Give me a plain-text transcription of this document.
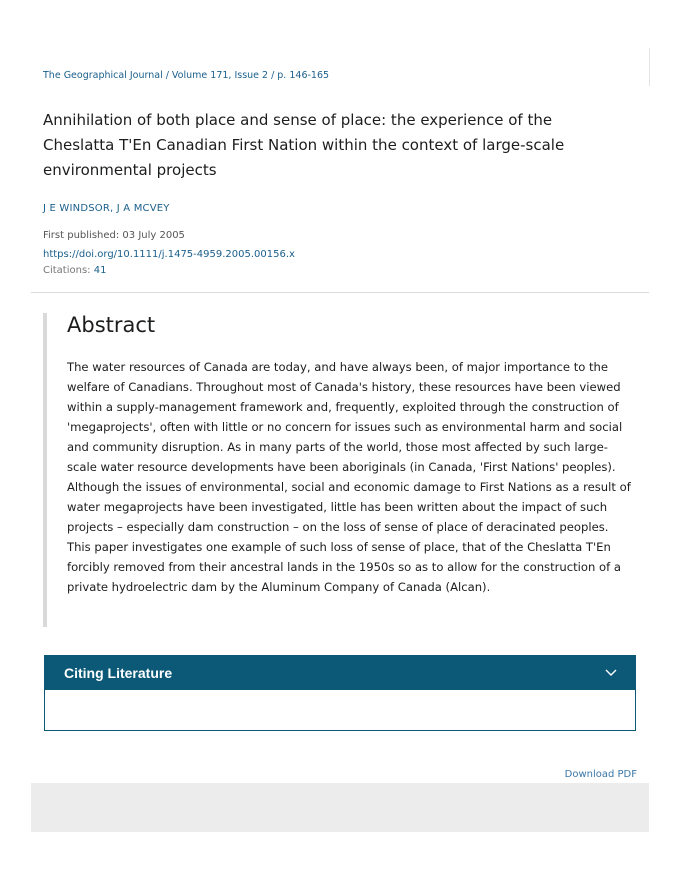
The Geographical Journal / Volume 171, Issue 2 / p. 146-165
Annihilation of both place and sense of place: the experience of the Cheslatta T'En Canadian First Nation within the context of large-scale environmental projects
J E WINDSOR, J A MCVEY
First published: 03 July 2005
https://doi.org/10.1111/j.1475-4959.2005.00156.x
Citations: 41
Abstract

The water resources of Canada are today, and have always been, of major importance to the welfare of Canadians. Throughout most of Canada's history, these resources have been viewed within a supply-management framework and, frequently, exploited through the construction of 'megaprojects', often with little or no concern for issues such as environmental harm and social and community disruption. As in many parts of the world, those most affected by such large-scale water resource developments have been aboriginals (in Canada, 'First Nations' peoples). Although the issues of environmental, social and economic damage to First Nations as a result of water megaprojects have been investigated, little has been written about the impact of such projects – especially dam construction – on the loss of sense of place of deracinated peoples. This paper investigates one example of such loss of sense of place, that of the Cheslatta T'En forcibly removed from their ancestral lands in the 1950s so as to allow for the construction of a private hydroelectric dam by the Aluminum Company of Canada (Alcan).

Citing Literature
Download PDF
